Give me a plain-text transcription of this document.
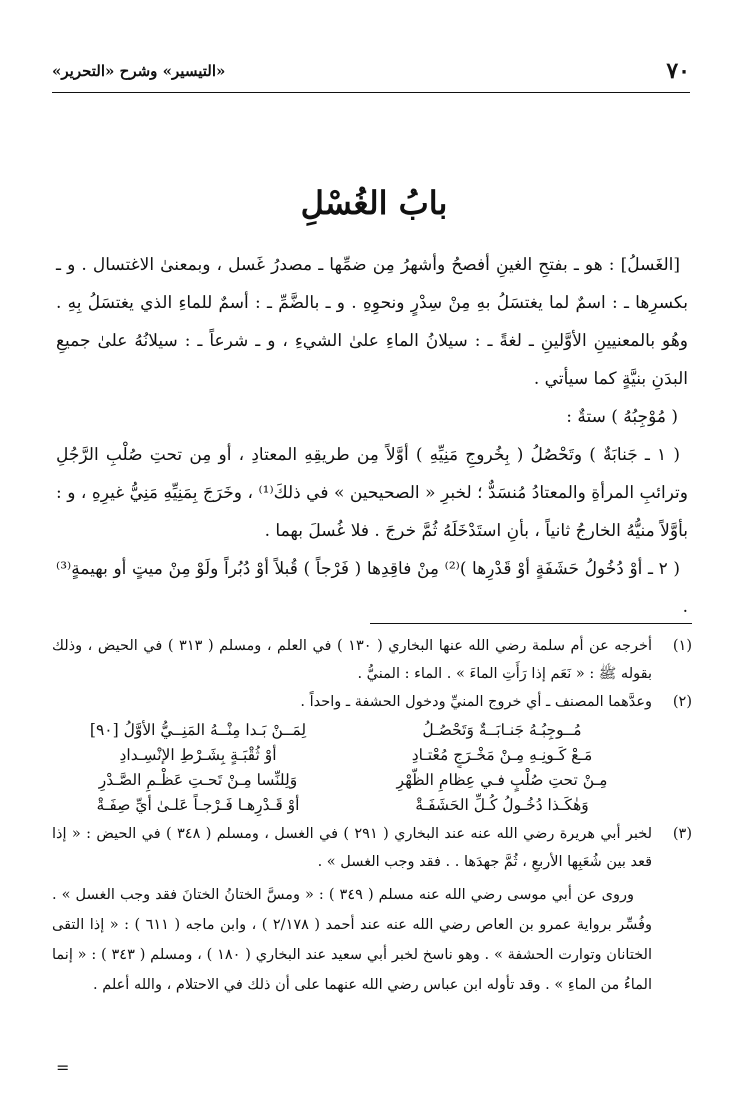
٧٠
«التيسير» وشرح «التحرير»
بابُ الغُسْلِ

[الغَسلُ] : هو ـ بفتحِ الغينِ أفصحُ وأشهرُ مِن ضمِّها ـ مصدرُ غَسل ، وبمعنىٰ الاغتسال . و ـ بكسرِها ـ : اسمٌ لما يغتسَلُ بهِ مِنْ سِدْرٍ ونحوِهِ . و ـ بالضَّمِّ ـ : أسمٌ للماءِ الذي يغتسَلُ بِهِ . وهُو بالمعنيينِ الأوَّلينِ ـ لغةً ـ : سيلانُ الماءِ علىٰ الشيءِ ، و ـ شرعاً ـ : سيلانُهُ علىٰ جميعِ البدَنِ بنيَّةٍ كما سيأتي .

( مُوْجِبُهُ ) ستةٌ :

( ١ ـ جَنابَةٌ ) وتَحْصُلُ ( بِخُروجِ مَنِيِّهِ ) أوَّلاً مِن طريقِهِ المعتادِ ، أو مِن تحتِ صُلْبِ الرَّجُلِ وترائبِ المرأةِ والمعتادُ مُنسَدٌّ ؛ لخبرِ « الصحيحين » في ذلكَ⁽¹⁾ ، وخَرَجَ بِمَنِيِّهِ مَنِيُّ غيرِهِ ، و : بأوَّلاً منيُّهُ الخارجُ ثانياً ، بأنِ استَدْخَلَهُ ثُمَّ خرجَ . فلا غُسلَ بهما .

( ٢ ـ أوْ دُخُولُ حَشَفَةٍ أوْ قَدْرِها )⁽²⁾ مِنْ فاقِدِها ( فَرْجاً ) قُبلاً أوْ دُبُراً ولَوْ مِنْ ميتٍ أو بهيمةٍ⁽³⁾ .

(١)
أخرجه عن أم سلمة رضي الله عنها البخاري ( ١٣٠ ) في العلم ، ومسلم ( ٣١٣ ) في الحيض ، وذلك بقوله ﷺ : « نَعَم إذا رَأَتِ الماءَ » . الماء : المنيُّ .
(٢)
وعدَّهما المصنف ـ أي خروج المنيِّ ودخول الحشفة ـ واحداً .
مُــوجِبُـهُ جَنـابَــةٌ وَتَحْصُـلُ
لِمَــنْ بَـدا مِنْــهُ المَنِــيُّ الأوَّلُ [٩٠]
مَـعْ كَـونِـهِ مِـنْ مَخْـرَجٍ مُعْتـادِ
أوْ ثُقْبَـةٍ بِشَـرْطِ الإنْسِـدادِ
مِـنْ تحتِ صُلْبٍ فـي عِظامِ الظَّهْرِ
وَلِلنِّسا مِـنْ تَحـتِ عَظْـمِ الصَّـدْرِ
وَهٰكَـذا دُخُـولُ كُـلِّ الحَشَفَـةْ
أوْ قَـدْرِهـا فَـرْجـاً عَلـىٰ أيِّ صِفَـةْ
(٣)
لخبر أبي هريرة رضي الله عنه عند البخاري ( ٢٩١ ) في الغسل ، ومسلم ( ٣٤٨ ) في الحيض : « إذا قعد بين شُعَبِها الأربعِ ، ثُمَّ جهدَها . . فقد وجب الغسل » .
وروى عن أبي موسى رضي الله عنه مسلم ( ٣٤٩ ) : « ومسَّ الختانُ الختانَ فقد وجب الغسل » . وفُسِّر برواية عمرو بن العاص رضي الله عنه عند أحمد ( ٢/١٧٨ ) ، وابن ماجه ( ٦١١ ) : « إذا التقى الختانان وتوارت الحشفة » . وهو ناسخ لخبر أبي سعيد عند البخاري ( ١٨٠ ) ، ومسلم ( ٣٤٣ ) : « إنما الماءُ من الماءِ » . وقد تأوله ابن عباس رضي الله عنهما على أن ذلك في الاحتلام ، والله أعلم .
=
